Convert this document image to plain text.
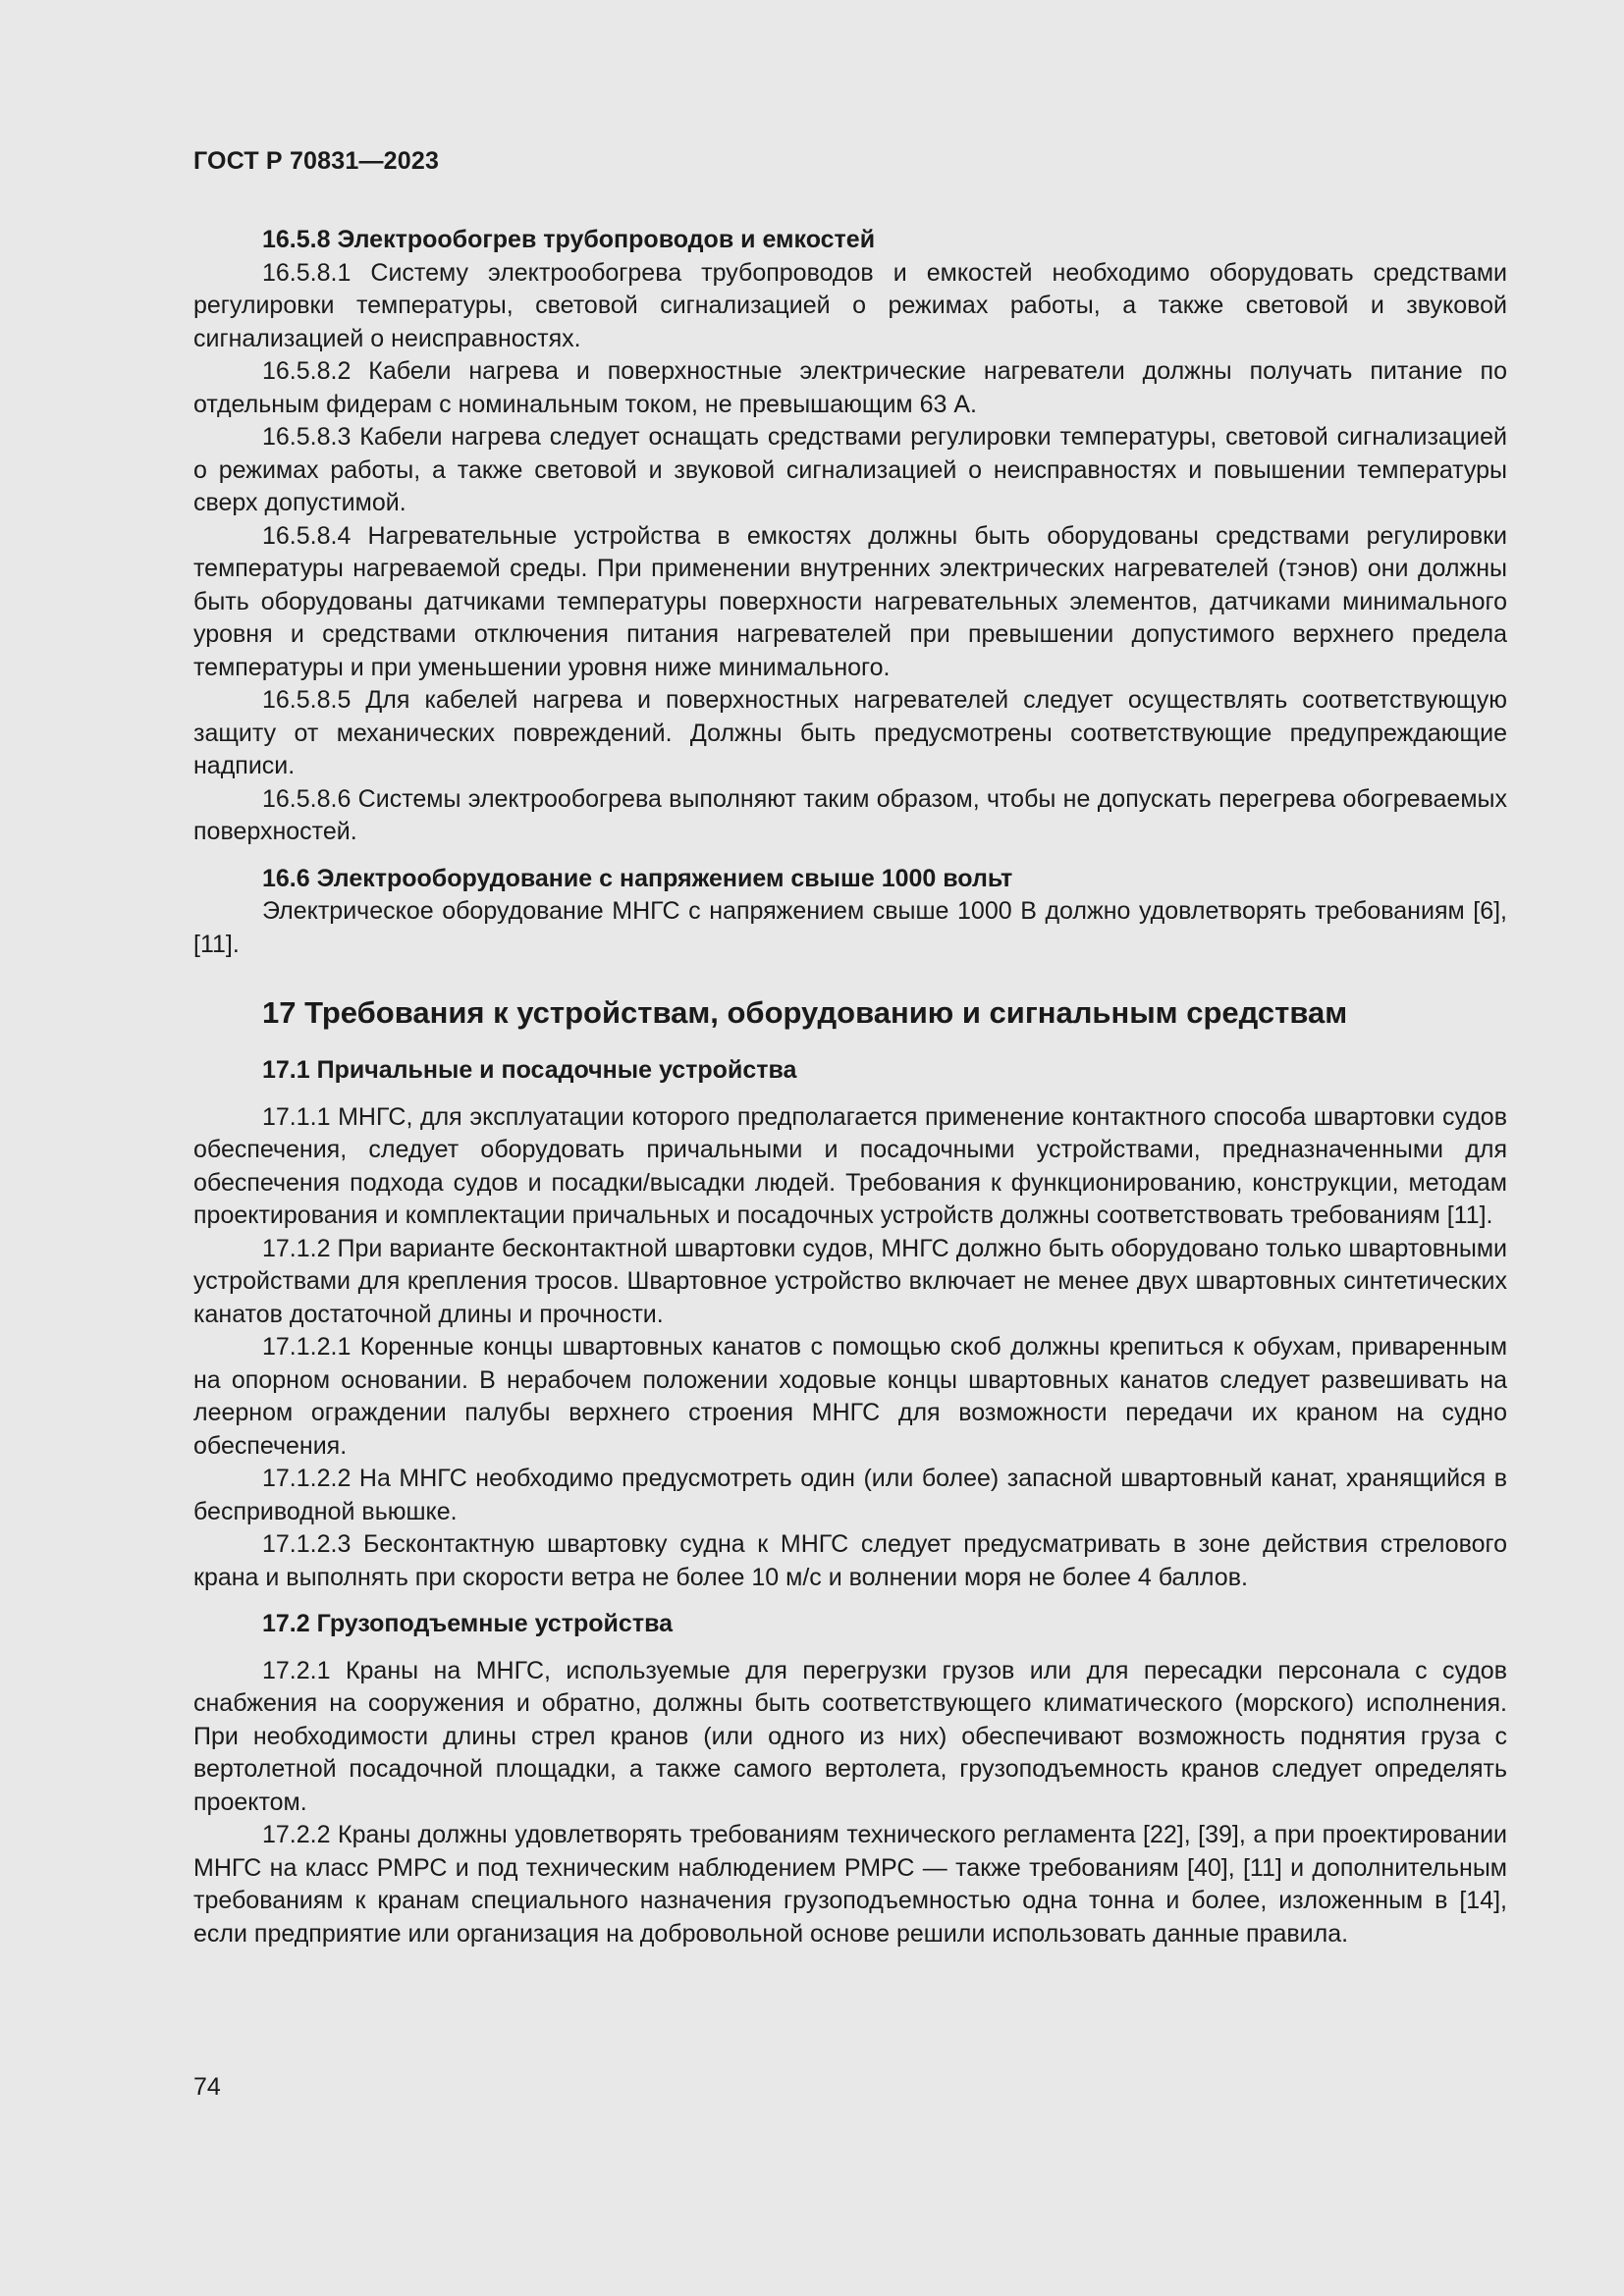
ГОСТ Р 70831—2023

16.5.8 Электрообогрев трубопроводов и емкостей

16.5.8.1 Систему электрообогрева трубопроводов и емкостей необходимо оборудовать средствами регулировки температуры, световой сигнализацией о режимах работы, а также световой и звуковой сигнализацией о неисправностях.

16.5.8.2 Кабели нагрева и поверхностные электрические нагреватели должны получать питание по отдельным фидерам с номинальным током, не превышающим 63 А.

16.5.8.3 Кабели нагрева следует оснащать средствами регулировки температуры, световой сигнализацией о режимах работы, а также световой и звуковой сигнализацией о неисправностях и повышении температуры сверх допустимой.

16.5.8.4 Нагревательные устройства в емкостях должны быть оборудованы средствами регулировки температуры нагреваемой среды. При применении внутренних электрических нагревателей (тэнов) они должны быть оборудованы датчиками температуры поверхности нагревательных элементов, датчиками минимального уровня и средствами отключения питания нагревателей при превышении допустимого верхнего предела температуры и при уменьшении уровня ниже минимального.

16.5.8.5 Для кабелей нагрева и поверхностных нагревателей следует осуществлять соответствующую защиту от механических повреждений. Должны быть предусмотрены соответствующие предупреждающие надписи.

16.5.8.6 Системы электрообогрева выполняют таким образом, чтобы не допускать перегрева обогреваемых поверхностей.

16.6 Электрооборудование с напряжением свыше 1000 вольт

Электрическое оборудование МНГС с напряжением свыше 1000 В должно удовлетворять требованиям [6], [11].

17 Требования к устройствам, оборудованию и сигнальным средствам

17.1 Причальные и посадочные устройства

17.1.1 МНГС, для эксплуатации которого предполагается применение контактного способа швартовки судов обеспечения, следует оборудовать причальными и посадочными устройствами, предназначенными для обеспечения подхода судов и посадки/высадки людей. Требования к функционированию, конструкции, методам проектирования и комплектации причальных и посадочных устройств должны соответствовать требованиям [11].

17.1.2 При варианте бесконтактной швартовки судов, МНГС должно быть оборудовано только швартовными устройствами для крепления тросов. Швартовное устройство включает не менее двух швартовных синтетических канатов достаточной длины и прочности.

17.1.2.1 Коренные концы швартовных канатов с помощью скоб должны крепиться к обухам, приваренным на опорном основании. В нерабочем положении ходовые концы швартовных канатов следует развешивать на леерном ограждении палубы верхнего строения МНГС для возможности передачи их краном на судно обеспечения.

17.1.2.2 На МНГС необходимо предусмотреть один (или более) запасной швартовный канат, хранящийся в бесприводной вьюшке.

17.1.2.3 Бесконтактную швартовку судна к МНГС следует предусматривать в зоне действия стрелового крана и выполнять при скорости ветра не более 10 м/с и волнении моря не более 4 баллов.

17.2 Грузоподъемные устройства

17.2.1 Краны на МНГС, используемые для перегрузки грузов или для пересадки персонала с судов снабжения на сооружения и обратно, должны быть соответствующего климатического (морского) исполнения. При необходимости длины стрел кранов (или одного из них) обеспечивают возможность поднятия груза с вертолетной посадочной площадки, а также самого вертолета, грузоподъемность кранов следует определять проектом.

17.2.2 Краны должны удовлетворять требованиям технического регламента [22], [39], а при проектировании МНГС на класс РМРС и под техническим наблюдением РМРС — также требованиям [40], [11] и дополнительным требованиям к кранам специального назначения грузоподъемностью одна тонна и более, изложенным в [14], если предприятие или организация на добровольной основе решили использовать данные правила.

74
